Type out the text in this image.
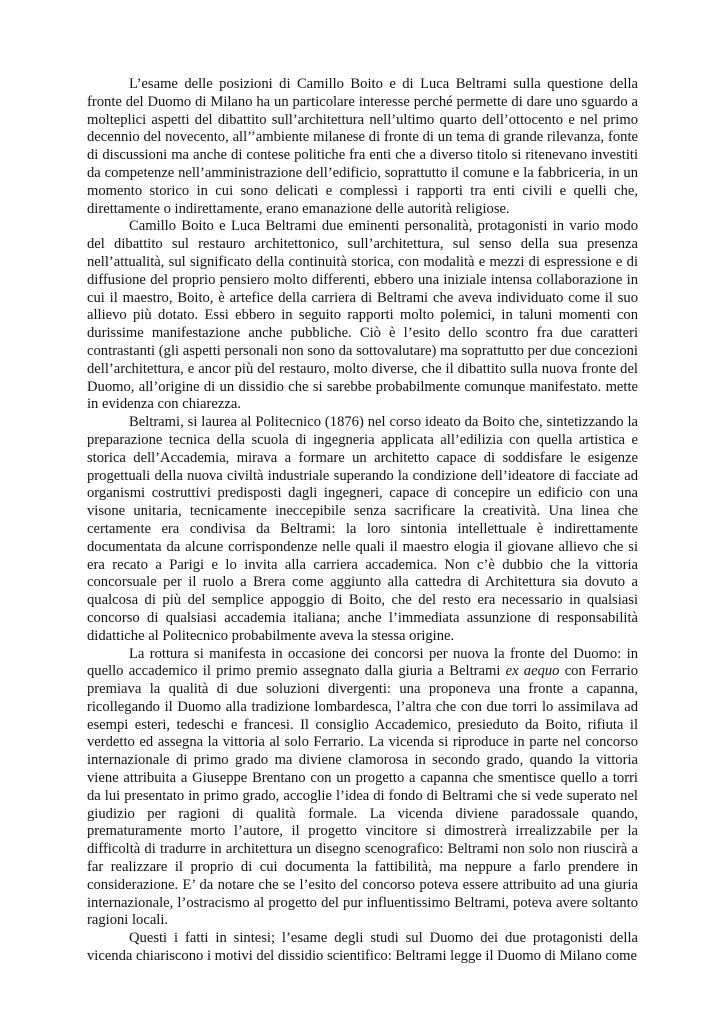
L’esame delle posizioni di Camillo Boito e di Luca Beltrami sulla questione della fronte del Duomo di Milano ha un particolare interesse perché permette di dare uno sguardo a molteplici aspetti del dibattito sull’architettura nell’ultimo quarto dell’ottocento e nel primo decennio del novecento, all’’ambiente milanese di fronte di un tema di grande rilevanza, fonte di discussioni ma anche di contese politiche fra enti che a diverso titolo si ritenevano investiti da competenze nell’amministrazione dell’edificio, soprattutto il comune e la fabbriceria, in un momento storico in cui sono delicati e complessi i rapporti tra enti civili e quelli che, direttamente o indirettamente, erano emanazione delle autorità religiose.

Camillo Boito e Luca Beltrami due eminenti personalità, protagonisti in vario modo del dibattito sul restauro architettonico, sull’architettura, sul senso della sua presenza nell’attualità, sul significato della continuità storica, con modalità e mezzi di espressione e di diffusione del proprio pensiero molto differenti, ebbero una iniziale intensa collaborazione in cui il maestro, Boito, è artefice della carriera di Beltrami che aveva individuato come il suo allievo più dotato. Essi ebbero in seguito rapporti molto polemici, in taluni momenti con durissime manifestazione anche pubbliche. Ciò è l’esito dello scontro fra due caratteri contrastanti (gli aspetti personali non sono da sottovalutare) ma soprattutto per due concezioni dell’architettura, e ancor più del restauro, molto diverse, che il dibattito sulla nuova fronte del Duomo, all’origine di un dissidio che si sarebbe probabilmente comunque manifestato. mette in evidenza con chiarezza.

Beltrami, si laurea al Politecnico (1876) nel corso ideato da Boito che, sintetizzando la preparazione tecnica della scuola di ingegneria applicata all’edilizia con quella artistica e storica dell’Accademia, mirava a formare un architetto capace di soddisfare le esigenze progettuali della nuova civiltà industriale superando la condizione dell’ideatore di facciate ad organismi costruttivi predisposti dagli ingegneri, capace di concepire un edificio con una visone unitaria, tecnicamente ineccepibile senza sacrificare la creatività. Una linea che certamente era condivisa da Beltrami: la loro sintonia intellettuale è indirettamente documentata da alcune corrispondenze nelle quali il maestro elogia il giovane allievo che si era recato a Parigi e lo invita alla carriera accademica. Non c’è dubbio che la vittoria concorsuale per il ruolo a Brera come aggiunto alla cattedra di Architettura sia dovuto a qualcosa di più del semplice appoggio di Boito, che del resto era necessario in qualsiasi concorso di qualsiasi accademia italiana; anche l’immediata assunzione di responsabilità didattiche al Politecnico probabilmente aveva la stessa origine.

La rottura si manifesta in occasione dei concorsi per nuova la fronte del Duomo: in quello accademico il primo premio assegnato dalla giuria a Beltrami ex aequo con Ferrario premiava la qualità di due soluzioni divergenti: una proponeva una fronte a capanna, ricollegando il Duomo alla tradizione lombardesca, l’altra che con due torri lo assimilava ad esempi esteri, tedeschi e francesi. Il consiglio Accademico, presieduto da Boito, rifiuta il verdetto ed assegna la vittoria al solo Ferrario. La vicenda si riproduce in parte nel concorso internazionale di primo grado ma diviene clamorosa in secondo grado, quando la vittoria viene attribuita a Giuseppe Brentano con un progetto a capanna che smentisce quello a torri da lui presentato in primo grado, accoglie l’idea di fondo di Beltrami che si vede superato nel giudizio per ragioni di qualità formale. La vicenda diviene paradossale quando, prematuramente morto l’autore, il progetto vincitore si dimostrerà irrealizzabile per la difficoltà di tradurre in architettura un disegno scenografico: Beltrami non solo non riuscirà a far realizzare il proprio di cui documenta la fattibilità, ma neppure a farlo prendere in considerazione. E’ da notare che se l’esito del concorso poteva essere attribuito ad una giuria internazionale, l’ostracismo al progetto del pur influentissimo Beltrami, poteva avere soltanto ragioni locali.

Questi i fatti in sintesi; l’esame degli studi sul Duomo dei due protagonisti della vicenda chiariscono i motivi del dissidio scientifico: Beltrami legge il Duomo di Milano come
